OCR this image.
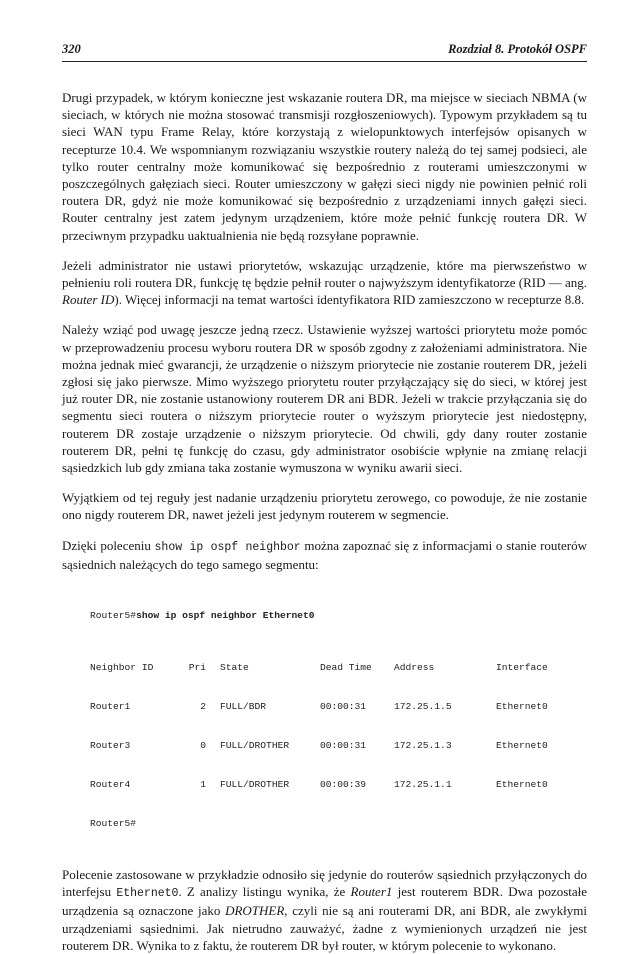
320	Rozdział 8. Protokół OSPF

Drugi przypadek, w którym konieczne jest wskazanie routera DR, ma miejsce w sieciach NBMA (w sieciach, w których nie można stosować transmisji rozgłoszeniowych). Typowym przykładem są tu sieci WAN typu Frame Relay, które korzystają z wielopunktowych interfejsów opisanych w recepturze 10.4. We wspomnianym rozwiązaniu wszystkie routery należą do tej samej podsieci, ale tylko router centralny może komunikować się bezpośrednio z routerami umieszczonymi w poszczególnych gałęziach sieci. Router umieszczony w gałęzi sieci nigdy nie powinien pełnić roli routera DR, gdyż nie może komunikować się bezpośrednio z urządzeniami innych gałęzi sieci. Router centralny jest zatem jedynym urządzeniem, które może pełnić funkcję routera DR. W przeciwnym przypadku uaktualnienia nie będą rozsyłane poprawnie.

Jeżeli administrator nie ustawi priorytetów, wskazując urządzenie, które ma pierwszeństwo w pełnieniu roli routera DR, funkcję tę będzie pełnił router o najwyższym identyfikatorze (RID — ang. Router ID). Więcej informacji na temat wartości identyfikatora RID zamieszczono w recepturze 8.8.

Należy wziąć pod uwagę jeszcze jedną rzecz. Ustawienie wyższej wartości priorytetu może pomóc w przeprowadzeniu procesu wyboru routera DR w sposób zgodny z założeniami administratora. Nie można jednak mieć gwarancji, że urządzenie o niższym priorytecie nie zostanie routerem DR, jeżeli zgłosi się jako pierwsze. Mimo wyższego priorytetu router przyłączający się do sieci, w której jest już router DR, nie zostanie ustanowiony routerem DR ani BDR. Jeżeli w trakcie przyłączania się do segmentu sieci routera o niższym priorytecie router o wyższym priorytecie jest niedostępny, routerem DR zostaje urządzenie o niższym priorytecie. Od chwili, gdy dany router zostanie routerem DR, pełni tę funkcję do czasu, gdy administrator osobiście wpłynie na zmianę relacji sąsiedzkich lub gdy zmiana taka zostanie wymuszona w wyniku awarii sieci.

Wyjątkiem od tej reguły jest nadanie urządzeniu priorytetu zerowego, co powoduje, że nie zostanie ono nigdy routerem DR, nawet jeżeli jest jedynym routerem w segmencie.

Dzięki poleceniu show ip ospf neighbor można zapoznać się z informacjami o stanie routerów sąsiednich należących do tego samego segmentu:

Router5#show ip ospf neighbor Ethernet0

Neighbor ID	Pri	State	Dead Time	Address	Interface

Router1	2	FULL/BDR	00:00:31	172.25.1.5	Ethernet0

Router3	0	FULL/DROTHER	00:00:31	172.25.1.3	Ethernet0

Router4	1	FULL/DROTHER	00:00:39	172.25.1.1	Ethernet0

Router5#

Polecenie zastosowane w przykładzie odnosiło się jedynie do routerów sąsiednich przyłączonych do interfejsu Ethernet0. Z analizy listingu wynika, że Router1 jest routerem BDR. Dwa pozostałe urządzenia są oznaczone jako DROTHER, czyli nie są ani routerami DR, ani BDR, ale zwykłymi urządzeniami sąsiednimi. Jak nietrudno zauważyć, żadne z wymienionych urządzeń nie jest routerem DR. Wynika to z faktu, że routerem DR był router, w którym polecenie to wykonano.
